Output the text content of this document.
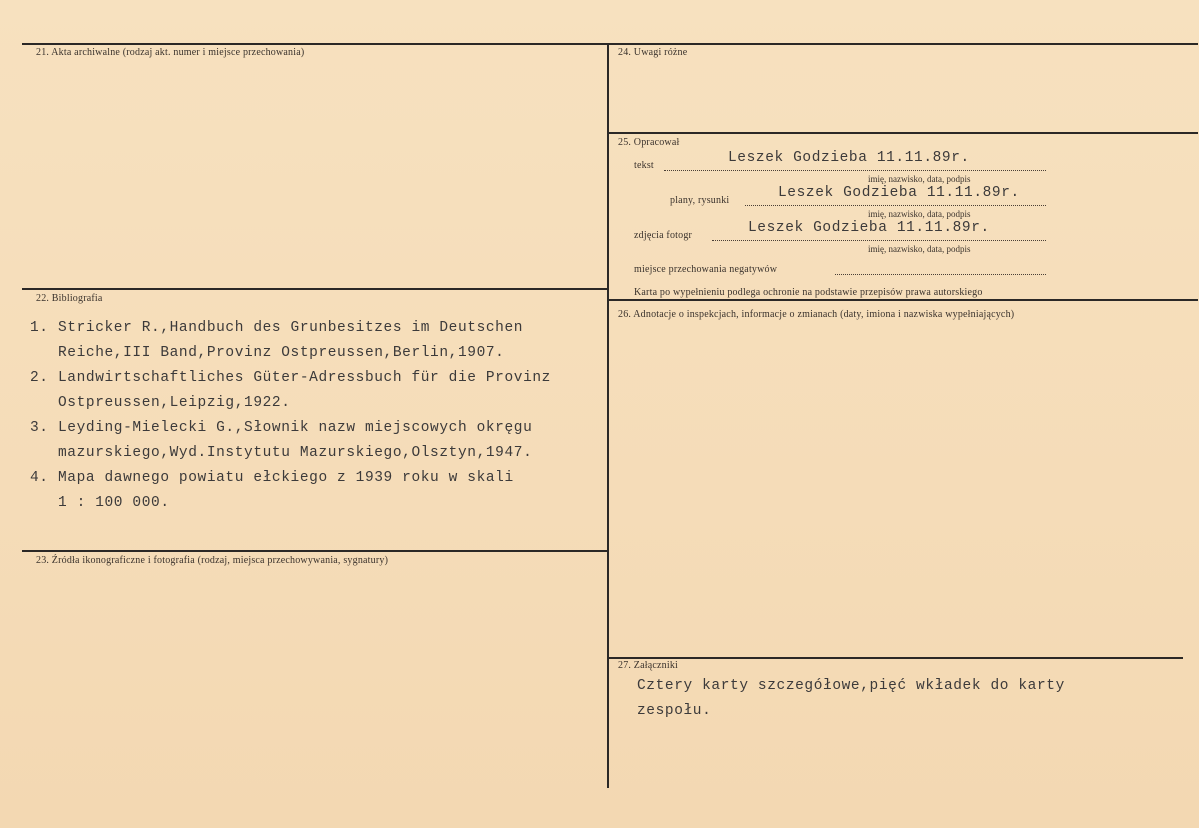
21. Akta archiwalne (rodzaj akt. numer i miejsce przechowania)
22. Bibliografia
23. Źródła ikonograficzne i fotografia (rodzaj, miejsca przechowywania, sygnatury)
24. Uwagi różne
25. Opracował
26. Adnotacje o inspekcjach, informacje o zmianach (daty, imiona i nazwiska wypełniających)
27. Załączniki
tekst	Leszek Godzieba 11.11.89r.
imię, nazwisko, data, podpis
plany, rysunki	Leszek Godzieba 11.11.89r.
imię, nazwisko, data, podpis
zdjęcia fotogr	Leszek Godzieba 11.11.89r.
imię, nazwisko, data, podpis
miejsce przechowania negatywów
Karta po wypełnieniu podlega ochronie na podstawie przepisów prawa autorskiego
1. Stricker R.,Handbuch des Grunbesitzes im Deutschen
Reiche,III Band,Provinz Ostpreussen,Berlin,1907.
2. Landwirtschaftliches Güter-Adressbuch für die Provinz
Ostpreussen,Leipzig,1922.
3. Leyding-Mielecki G.,Słownik nazw miejscowych okręgu
mazurskiego,Wyd.Instytutu Mazurskiego,Olsztyn,1947.
4. Mapa dawnego powiatu ełckiego z 1939 roku w skali
1 : 100 000.
Cztery karty szczegółowe,pięć wkładek do karty
zespołu.
